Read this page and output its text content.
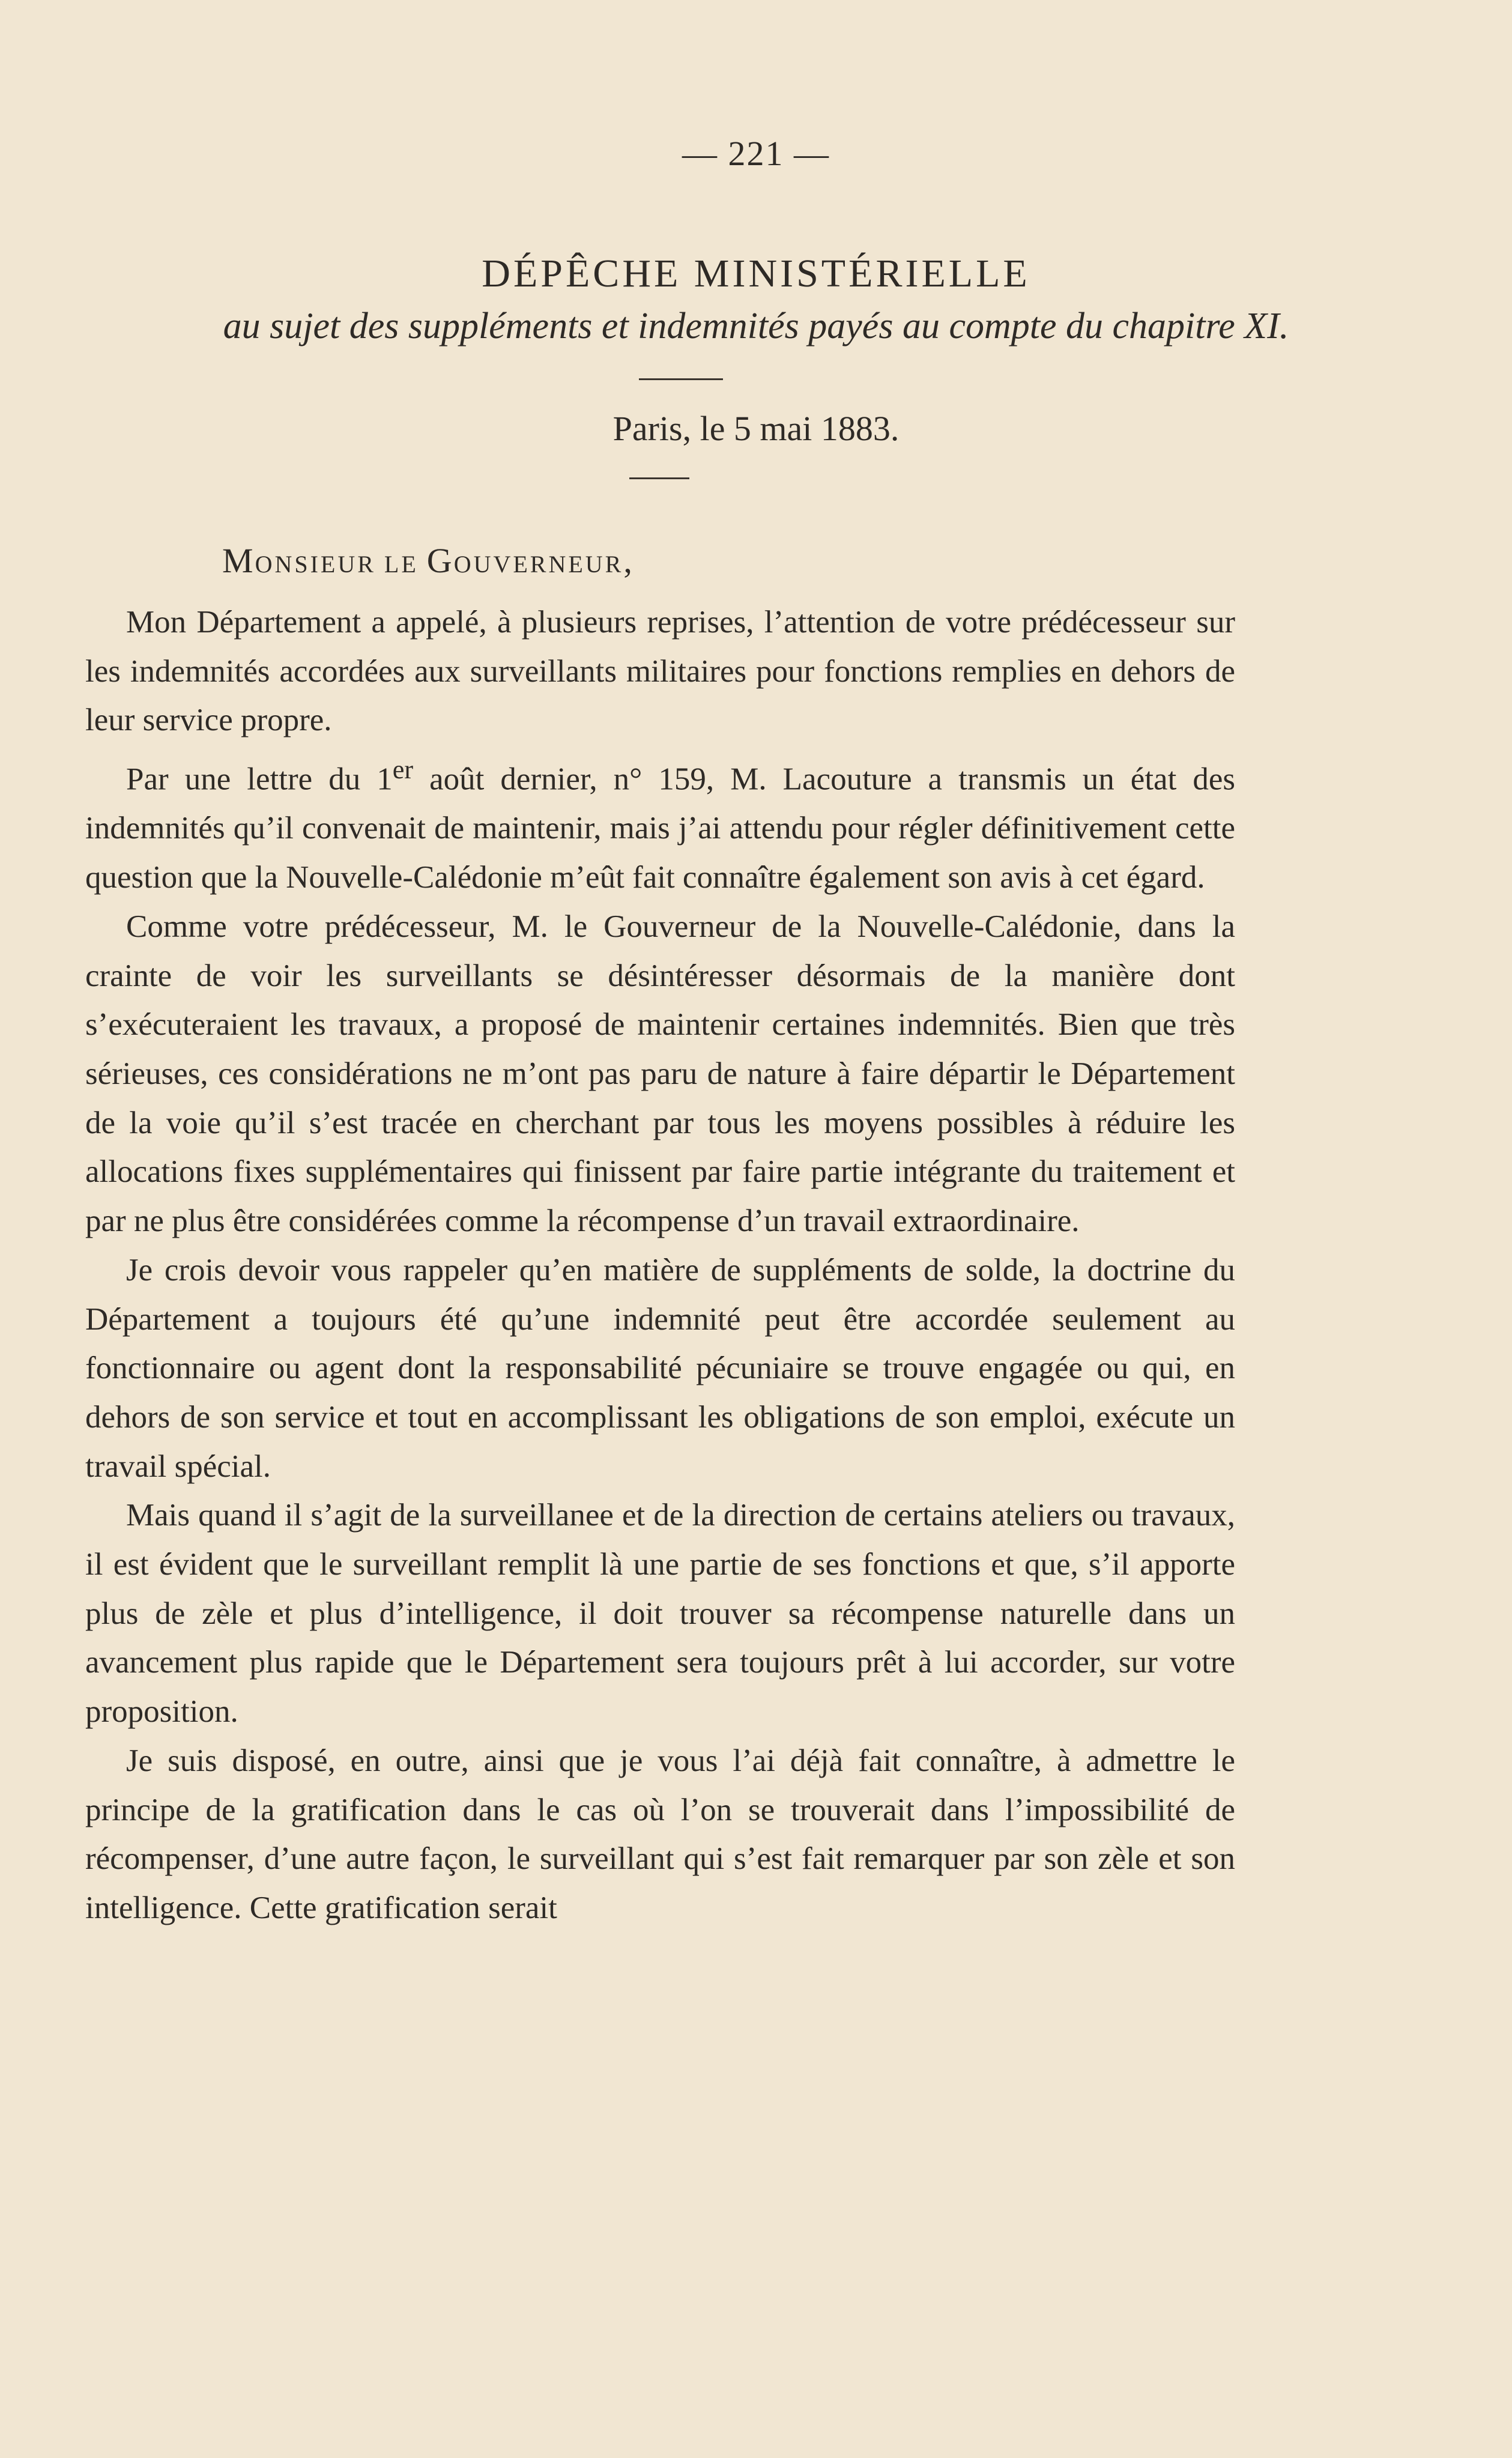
— 221 —
DÉPÊCHE MINISTÉRIELLE
au sujet des suppléments et indemnités payés au compte du chapitre XI.
Paris, le 5 mai 1883.
MONSIEUR LE GOUVERNEUR,

Mon Département a appelé, à plusieurs reprises, l’attention de votre prédécesseur sur les indemnités accordées aux surveillants militaires pour fonctions remplies en dehors de leur service propre.

Par une lettre du 1er août dernier, n° 159, M. Lacouture a transmis un état des indemnités qu’il convenait de maintenir, mais j’ai attendu pour régler définitivement cette question que la Nouvelle-Calédonie m’eût fait connaître également son avis à cet égard.

Comme votre prédécesseur, M. le Gouverneur de la Nouvelle-Calédonie, dans la crainte de voir les surveillants se désintéresser désormais de la manière dont s’exécuteraient les travaux, a proposé de maintenir certaines indemnités. Bien que très sérieuses, ces considérations ne m’ont pas paru de nature à faire départir le Département de la voie qu’il s’est tracée en cherchant par tous les moyens possibles à réduire les allocations fixes supplémentaires qui finissent par faire partie intégrante du traitement et par ne plus être considérées comme la récompense d’un travail extraordinaire.

Je crois devoir vous rappeler qu’en matière de suppléments de solde, la doctrine du Département a toujours été qu’une indemnité peut être accordée seulement au fonctionnaire ou agent dont la responsabilité pécuniaire se trouve engagée ou qui, en dehors de son service et tout en accomplissant les obligations de son emploi, exécute un travail spécial.

Mais quand il s’agit de la surveillanee et de la direction de certains ateliers ou travaux, il est évident que le surveillant remplit là une partie de ses fonctions et que, s’il apporte plus de zèle et plus d’intelligence, il doit trouver sa récompense naturelle dans un avancement plus rapide que le Département sera toujours prêt à lui accorder, sur votre proposition.

Je suis disposé, en outre, ainsi que je vous l’ai déjà fait connaître, à admettre le principe de la gratification dans le cas où l’on se trouverait dans l’impossibilité de récompenser, d’une autre façon, le surveillant qui s’est fait remarquer par son zèle et son intelligence. Cette gratification serait
